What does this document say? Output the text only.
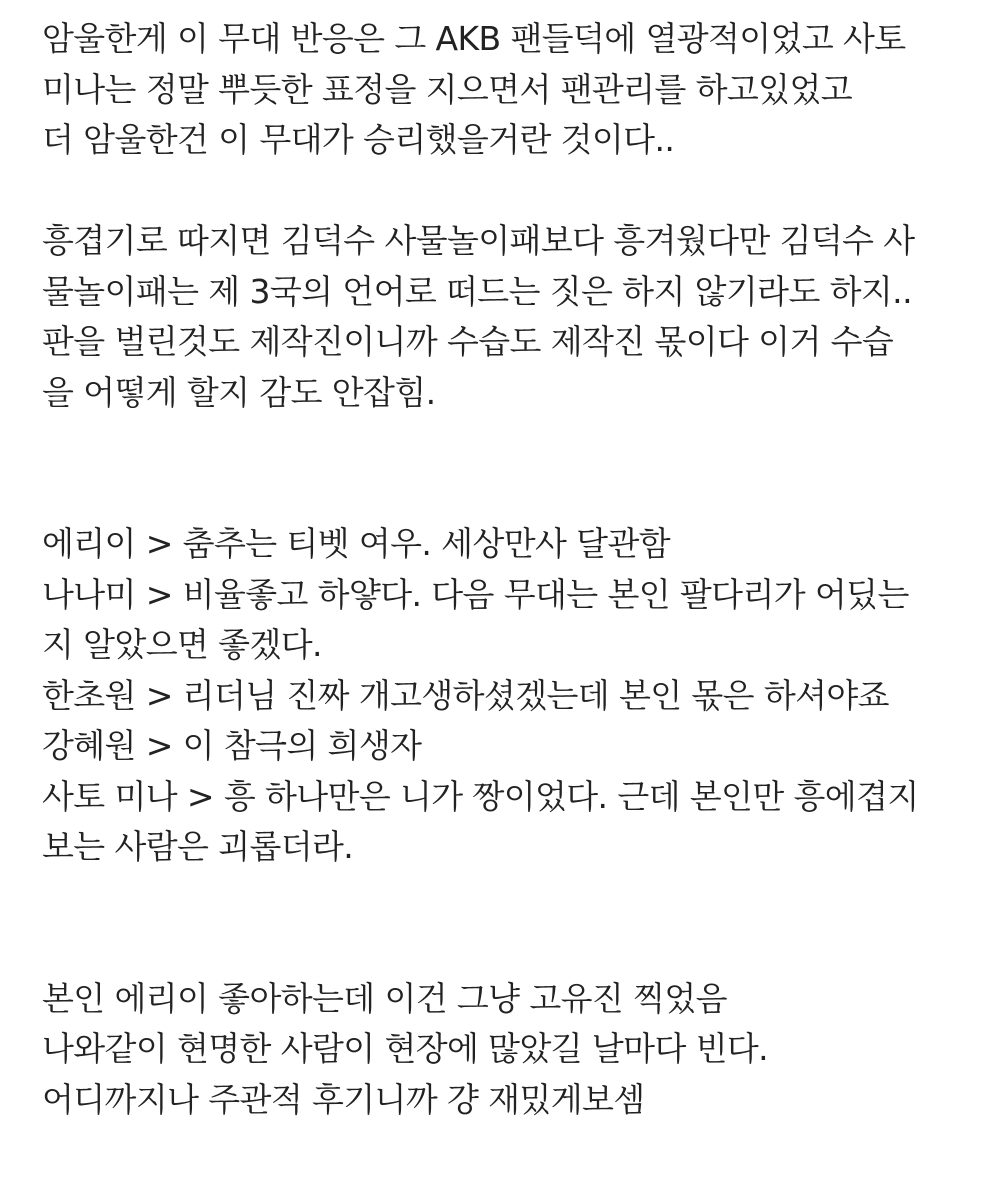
암울한게 이 무대 반응은 그 AKB 팬들덕에 열광적이었고 사토
미나는 정말 뿌듯한 표정을 지으면서 팬관리를 하고있었고
더 암울한건 이 무대가 승리했을거란 것이다..
흥겹기로 따지면 김덕수 사물놀이패보다 흥겨웠다만 김덕수 사
물놀이패는 제 3국의 언어로 떠드는 짓은 하지 않기라도 하지..
판을 벌린것도 제작진이니까 수습도 제작진 몫이다 이거 수습
을 어떻게 할지 감도 안잡힘.
에리이 > 춤추는 티벳 여우. 세상만사 달관함
나나미 > 비율좋고 하얗다. 다음 무대는 본인 팔다리가 어딨는
지 알았으면 좋겠다.
한초원 > 리더님 진짜 개고생하셨겠는데 본인 몫은 하셔야죠
강혜원 > 이 참극의 희생자
사토 미나 > 흥 하나만은 니가 짱이었다. 근데 본인만 흥에겹지
보는 사람은 괴롭더라.
본인 에리이 좋아하는데 이건 그냥 고유진 찍었음
나와같이 현명한 사람이 현장에 많았길 날마다 빈다.
어디까지나 주관적 후기니까 걍 재밌게보셈
